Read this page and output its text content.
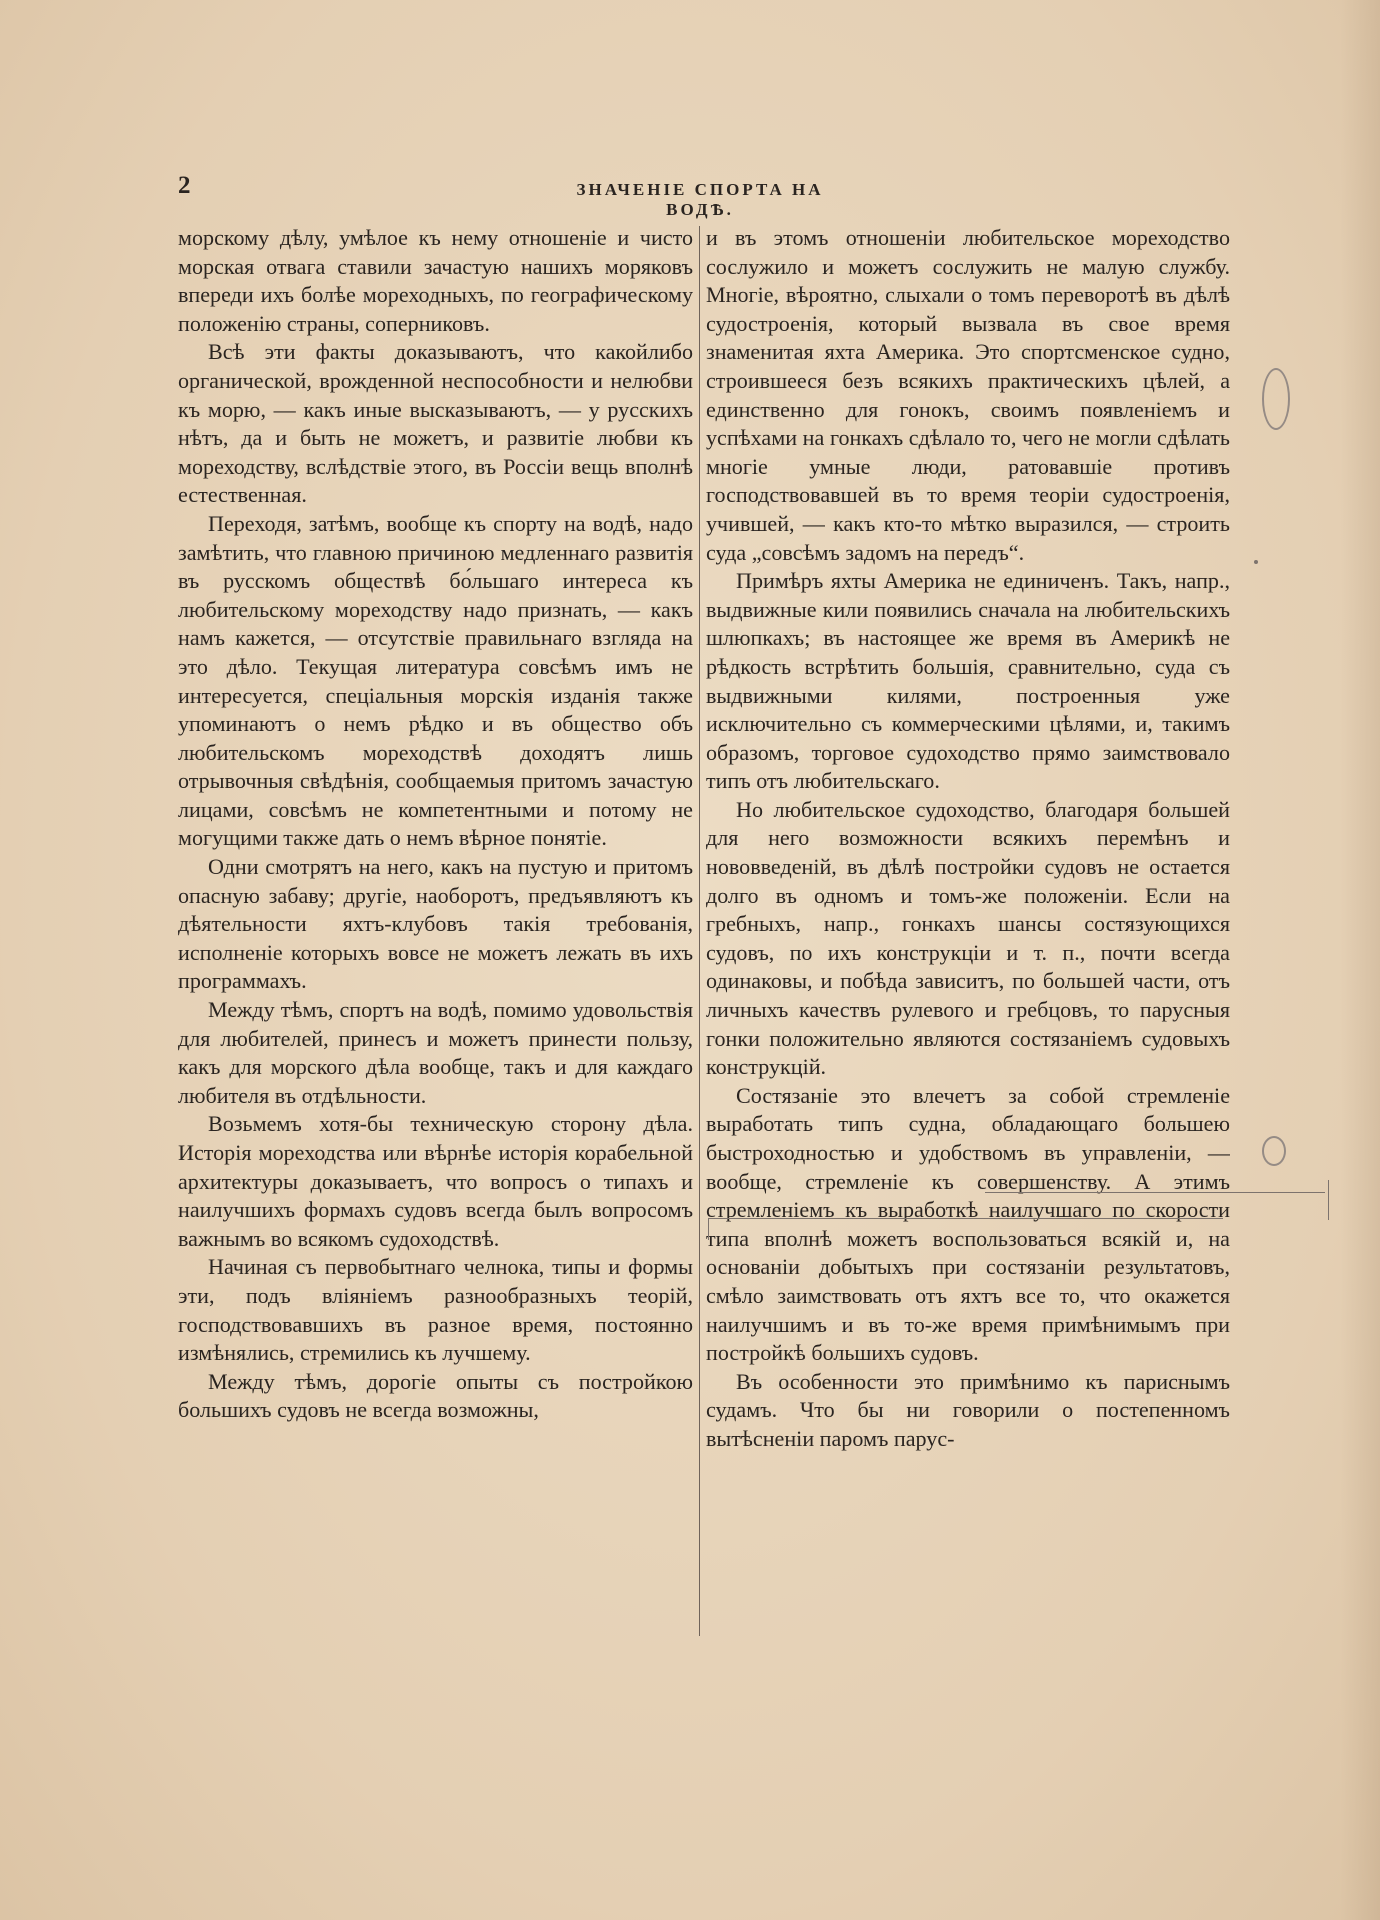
2	ЗНАЧЕНІЕ СПОРТА НА ВОДѢ.

морскому дѣлу, умѣлое къ нему отношеніе и чисто морская отвага ставили зачастую нашихъ моряковъ впереди ихъ болѣе мореходныхъ, по географическому положенію страны, соперниковъ.

Всѣ эти факты доказываютъ, что какойлибо органической, врожденной неспособности и нелюбви къ морю, — какъ иные высказываютъ, — у русскихъ нѣтъ, да и быть не можетъ, и развитіе любви къ мореходству, вслѣдствіе этого, въ Россіи вещь вполнѣ естественная.

Переходя, затѣмъ, вообще къ спорту на водѣ, надо замѣтить, что главною причиною медленнаго развитія въ русскомъ обществѣ бо́льшаго интереса къ любительскому мореходству надо признать, — какъ намъ кажется, — отсутствіе правильнаго взгляда на это дѣло. Текущая литература совсѣмъ имъ не интересуется, спеціальныя морскія изданія также упоминаютъ о немъ рѣдко и въ общество объ любительскомъ мореходствѣ доходятъ лишь отрывочныя свѣдѣнія, сообщаемыя притомъ зачастую лицами, совсѣмъ не компетентными и потому не могущими также дать о немъ вѣрное понятіе.

Одни смотрятъ на него, какъ на пустую и притомъ опасную забаву; другіе, наоборотъ, предъявляютъ къ дѣятельности яхтъ-клубовъ такія требованія, исполненіе которыхъ вовсе не можетъ лежать въ ихъ программахъ.

Между тѣмъ, спортъ на водѣ, помимо удовольствія для любителей, принесъ и можетъ принести пользу, какъ для морского дѣла вообще, такъ и для каждаго любителя въ отдѣльности.

Возьмемъ хотя-бы техническую сторону дѣла. Исторія мореходства или вѣрнѣе исторія корабельной архитектуры доказываетъ, что вопросъ о типахъ и наилучшихъ формахъ судовъ всегда былъ вопросомъ важнымъ во всякомъ судоходствѣ.

Начиная съ первобытнаго челнока, типы и формы эти, подъ вліяніемъ разнообразныхъ теорій, господствовавшихъ въ разное время, постоянно измѣнялись, стремились къ лучшему.

Между тѣмъ, дорогіе опыты съ постройкою большихъ судовъ не всегда возможны,

и въ этомъ отношеніи любительское мореходство сослужило и можетъ сослужить не малую службу. Многіе, вѣроятно, слыхали о томъ переворотѣ въ дѣлѣ судостроенія, который вызвала въ свое время знаменитая яхта Америка. Это спортсменское судно, строившееся безъ всякихъ практическихъ цѣлей, а единственно для гонокъ, своимъ появленіемъ и успѣхами на гонкахъ сдѣлало то, чего не могли сдѣлать многіе умные люди, ратовавшіе противъ господствовавшей въ то время теоріи судостроенія, учившей, — какъ кто-то мѣтко выразился, — строить суда „совсѣмъ задомъ на передъ“.

Примѣръ яхты Америка не единиченъ. Такъ, напр., выдвижные кили появились сначала на любительскихъ шлюпкахъ; въ настоящее же время въ Америкѣ не рѣдкость встрѣтить большія, сравнительно, суда съ выдвижными килями, построенныя уже исключительно съ коммерческими цѣлями, и, такимъ образомъ, торговое судоходство прямо заимствовало типъ отъ любительскаго.

Но любительское судоходство, благодаря большей для него возможности всякихъ перемѣнъ и нововведеній, въ дѣлѣ постройки судовъ не остается долго въ одномъ и томъ-же положеніи. Если на гребныхъ, напр., гонкахъ шансы состязующихся судовъ, по ихъ конструкціи и т. п., почти всегда одинаковы, и побѣда зависитъ, по большей части, отъ личныхъ качествъ рулевого и гребцовъ, то парусныя гонки положительно являются состязаніемъ судовыхъ конструкцій.

Состязаніе это влечетъ за собой стремленіе выработать типъ судна, обладающаго большею быстроходностью и удобствомъ въ управленіи, — вообще, стремленіе къ совершенству. А этимъ стремленіемъ къ выработкѣ наилучшаго по скорости типа вполнѣ можетъ воспользоваться всякій и, на основаніи добытыхъ при состязаніи результатовъ, смѣло заимствовать отъ яхтъ все то, что окажется наилучшимъ и въ то-же время примѣнимымъ при постройкѣ большихъ судовъ.

Въ особенности это примѣнимо къ париснымъ судамъ. Что бы ни говорили о постепенномъ вытѣсненіи паромъ парус-
